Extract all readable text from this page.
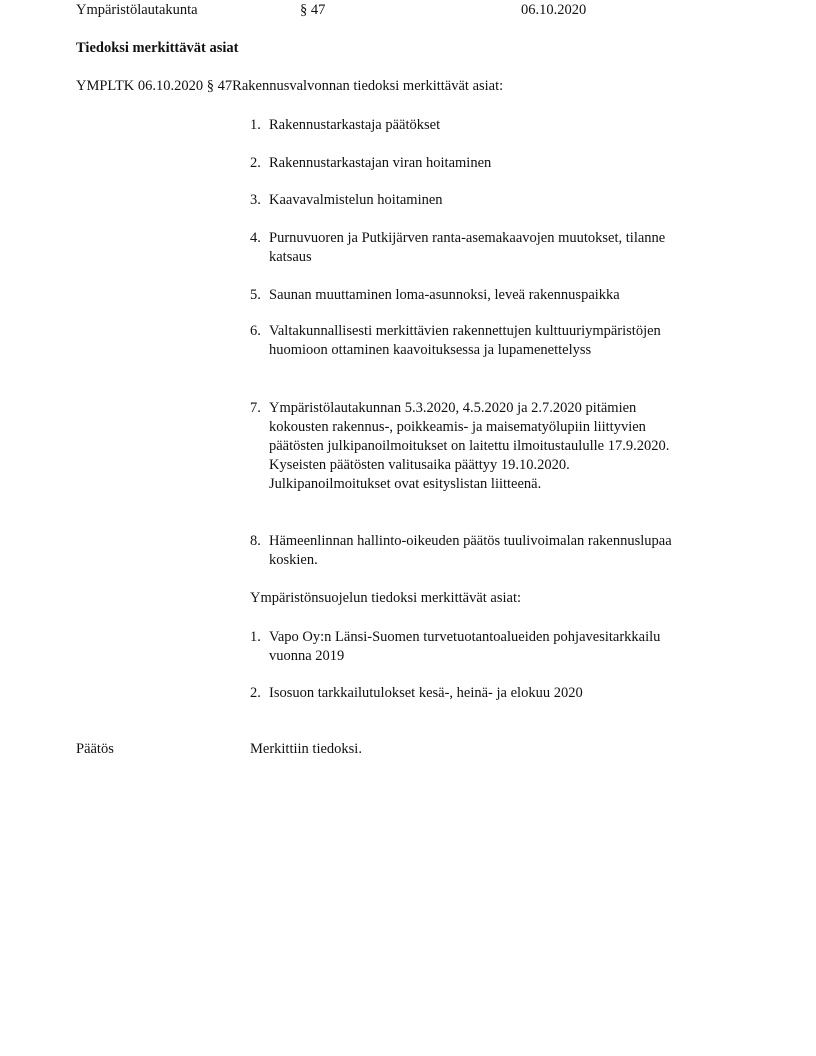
Ympäristölautakunta	§ 47	06.10.2020
Tiedoksi merkittävät asiat
YMPLTK 06.10.2020 § 47Rakennusvalvonnan tiedoksi merkittävät asiat:
1. Rakennustarkastaja päätökset
2. Rakennustarkastajan viran hoitaminen
3. Kaavavalmistelun hoitaminen
4. Purnuvuoren ja Putkijärven ranta-asemakaavojen muutokset, tilanne katsaus
5. Saunan muuttaminen loma-asunnoksi, leveä rakennuspaikka
6. Valtakunnallisesti merkittävien rakennettujen kulttuuriympäristöjen huomioon ottaminen kaavoituksessa ja lupamenettelyss
7. Ympäristölautakunnan 5.3.2020, 4.5.2020 ja 2.7.2020 pitämien kokousten rakennus-, poikkeamis- ja maisematyölupiin liittyvien päätösten julkipanoilmoitukset on laitettu ilmoitustaululle 17.9.2020. Kyseisten päätösten valitusaika päättyy 19.10.2020. Julkipanoilmoitukset ovat esityslistan liitteenä.
8. Hämeenlinnan hallinto-oikeuden päätös tuulivoimalan rakennuslupaa koskien.
Ympäristönsuojelun tiedoksi merkittävät asiat:
1. Vapo Oy:n Länsi-Suomen turvetuotantoalueiden pohjavesitarkkailu vuonna 2019
2. Isosuon tarkkailutulokset kesä-, heinä- ja elokuu 2020
Päätös	Merkittiin tiedoksi.
